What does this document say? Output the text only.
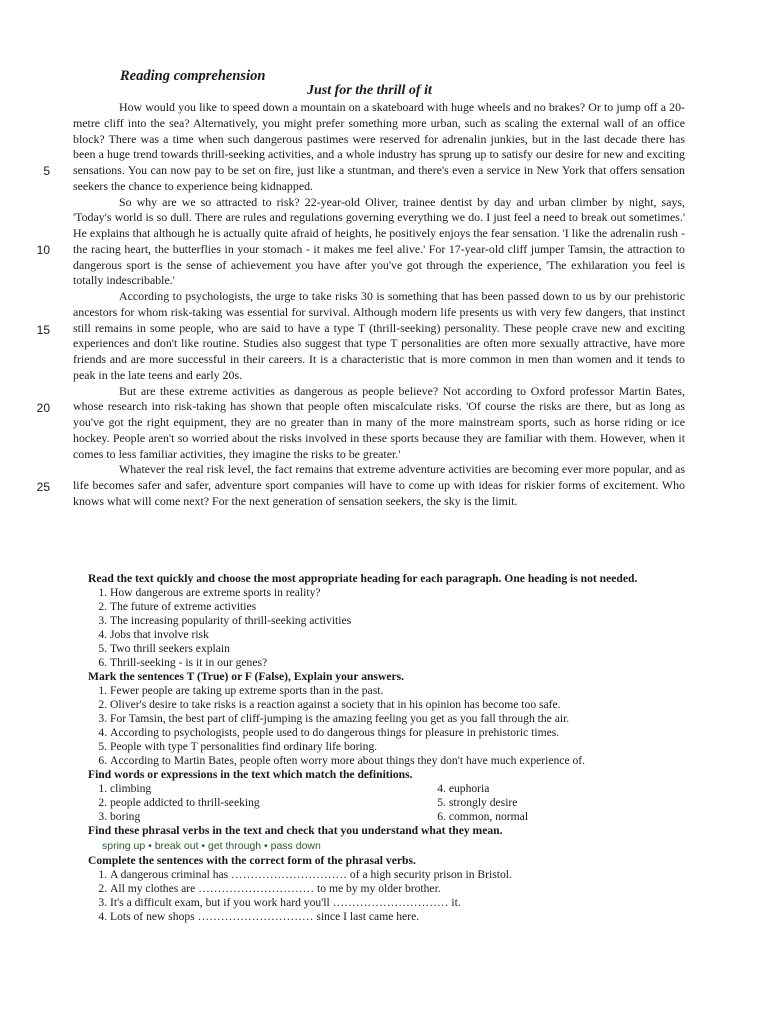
Reading comprehension
Just for the thrill of it
5
10
15
20
25

How would you like to speed down a mountain on a skateboard with huge wheels and no brakes? Or to jump off a 20-metre cliff into the sea? Alternatively, you might prefer something more urban, such as scaling the external wall of an office block? There was a time when such dangerous pastimes were reserved for adrenalin junkies, but in the last decade there has been a huge trend towards thrill-seeking activities, and a whole industry has sprung up to satisfy our desire for new and exciting sensations. You can now pay to be set on fire, just like a stuntman, and there's even a service in New York that offers sensation seekers the chance to experience being kidnapped.

So why are we so attracted to risk? 22-year-old Oliver, trainee dentist by day and urban climber by night, says, 'Today's world is so dull. There are rules and regulations governing everything we do. I just feel a need to break out sometimes.' He explains that although he is actually quite afraid of heights, he positively enjoys the fear sensation. 'I like the adrenalin rush - the racing heart, the butterflies in your stomach - it makes me feel alive.' For 17-year-old cliff jumper Tamsin, the attraction to dangerous sport is the sense of achievement you have after you've got through the experience, 'The exhilaration you feel is totally indescribable.'

According to psychologists, the urge to take risks 30 is something that has been passed down to us by our prehistoric ancestors for whom risk-taking was essential for survival. Although modern life presents us with very few dangers, that instinct still remains in some people, who are said to have a type T (thrill-seeking) personality. These people crave new and exciting experiences and don't like routine. Studies also suggest that type T personalities are often more sexually attractive, have more friends and are more successful in their careers. It is a characteristic that is more common in men than women and it tends to peak in the late teens and early 20s.

But are these extreme activities as dangerous as people believe? Not according to Oxford professor Martin Bates, whose research into risk-taking has shown that people often miscalculate risks. 'Of course the risks are there, but as long as you've got the right equipment, they are no greater than in many of the more mainstream sports, such as horse riding or ice hockey. People aren't so worried about the risks involved in these sports because they are familiar with them. However, when it comes to less familiar activities, they imagine the risks to be greater.'

Whatever the real risk level, the fact remains that extreme adventure activities are becoming ever more popular, and as life becomes safer and safer, adventure sport companies will have to come up with ideas for riskier forms of excitement. Who knows what will come next? For the next generation of sensation seekers, the sky is the limit.

Read the text quickly and choose the most appropriate heading for each paragraph. One heading is not needed.

1. How dangerous are extreme sports in reality?
2. The future of extreme activities
3. The increasing popularity of thrill-seeking activities
4. Jobs that involve risk
5. Two thrill seekers explain
6. Thrill-seeking - is it in our genes?

Mark the sentences T (True) or F (False), Explain your answers.

1. Fewer people are taking up extreme sports than in the past.
2. Oliver's desire to take risks is a reaction against a society that in his opinion has become too safe.
3. For Tamsin, the best part of cliff-jumping is the amazing feeling you get as you fall through the air.
4. According to psychologists, people used to do dangerous things for pleasure in prehistoric times.
5. People with type T personalities find ordinary life boring.
6. According to Martin Bates, people often worry more about things they don't have much experience of.

Find words or expressions in the text which match the definitions.

1. climbing
2. people addicted to thrill-seeking
3. boring
4. euphoria
5. strongly desire
6. common, normal

Find these phrasal verbs in the text and check that you understand what they mean.

spring up • break out • get through • pass down

Complete the sentences with the correct form of the phrasal verbs.

1. A dangerous criminal has ………………………… of a high security prison in Bristol.
2. All my clothes are ………………………… to me by my older brother.
3. It's a difficult exam, but if you work hard you'll ………………………… it.
4. Lots of new shops ………………………… since I last came here.
